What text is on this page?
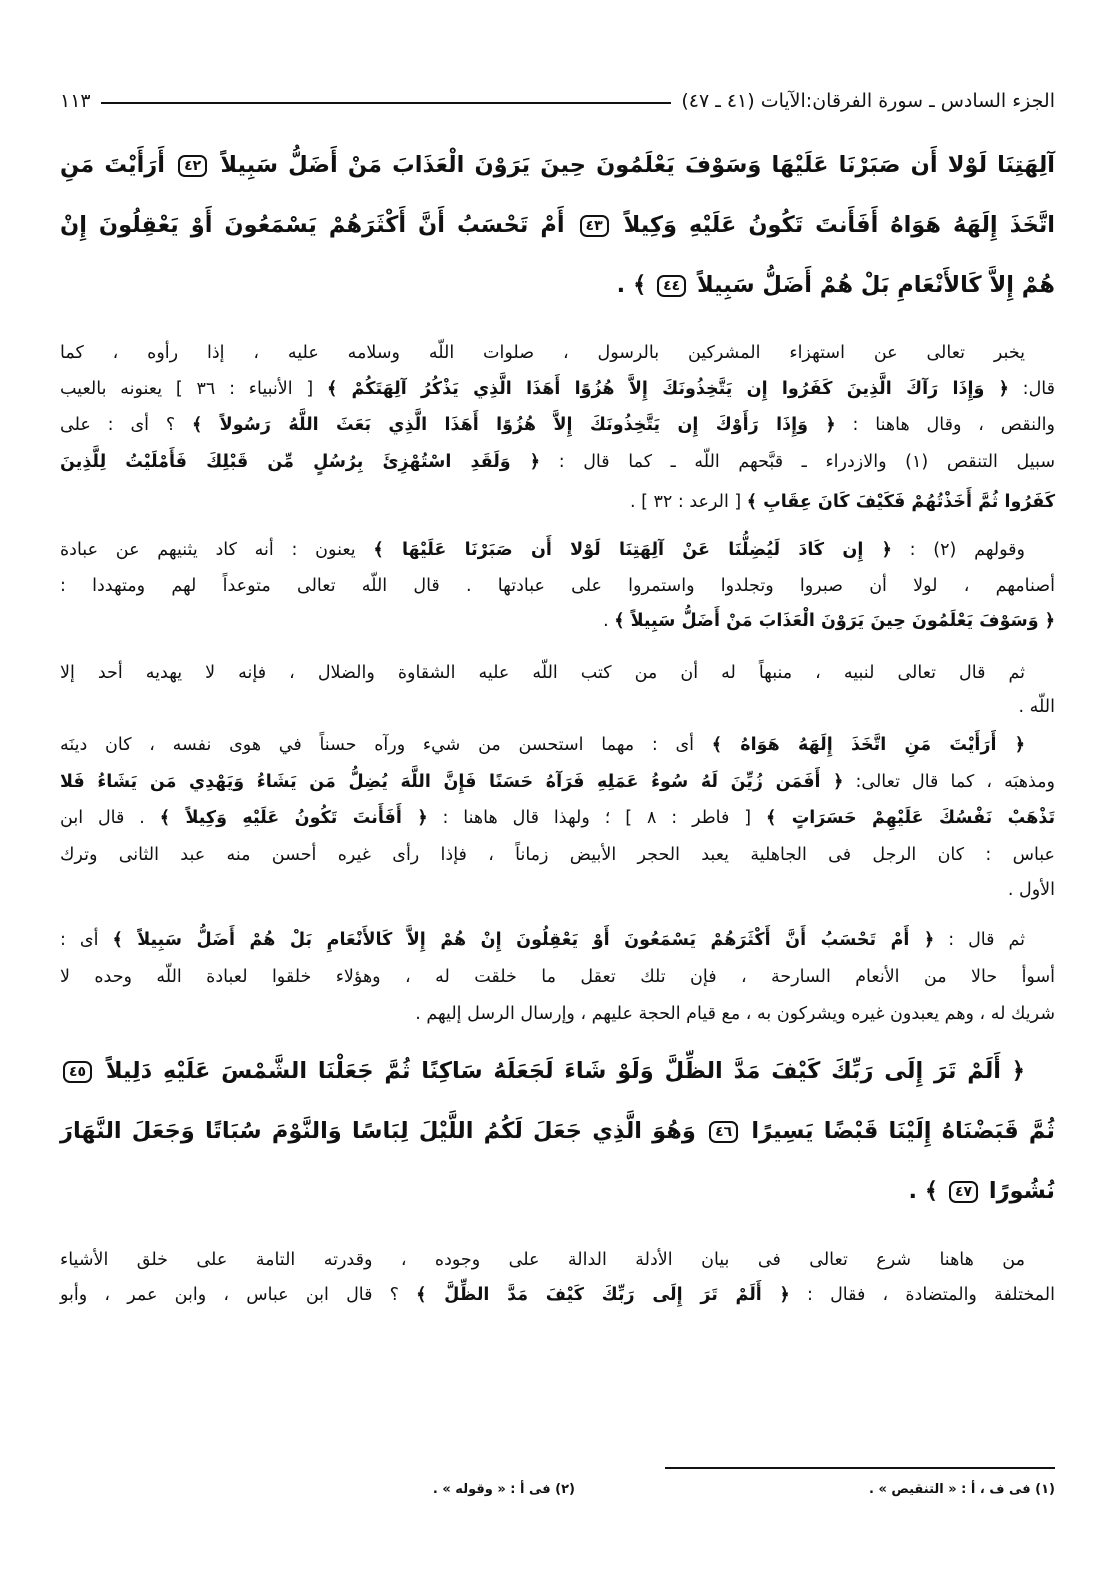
الجزء السادس ـ سورة الفرقان:الآيات (٤١ ـ ٤٧)
١١٣
آلِهَتِنَا لَوْلا أَن صَبَرْنَا عَلَيْهَا وَسَوْفَ يَعْلَمُونَ حِينَ يَرَوْنَ الْعَذَابَ مَنْ أَضَلُّ سَبِيلاً ٤٢ أَرَأَيْتَ مَنِ
اتَّخَذَ إِلَهَهُ هَوَاهُ أَفَأَنتَ تَكُونُ عَلَيْهِ وَكِيلاً ٤٣ أَمْ تَحْسَبُ أَنَّ أَكْثَرَهُمْ يَسْمَعُونَ أَوْ يَعْقِلُونَ إِنْ
هُمْ إِلاَّ كَالأَنْعَامِ بَلْ هُمْ أَضَلُّ سَبِيلاً ٤٤ ﴾ .
يخبر تعالى عن استهزاء المشركين بالرسول ، صلوات اللّه وسلامه عليه ، إذا رأوه ، كما
قال: ﴿ وَإِذَا رَآكَ الَّذِينَ كَفَرُوا إِن يَتَّخِذُونَكَ إِلاَّ هُزُوًا أَهَذَا الَّذِي يَذْكُرُ آلِهَتَكُمْ ﴾ [ الأنبياء : ٣٦ ] يعنونه بالعيب
والنقص ، وقال هاهنا : ﴿ وَإِذَا رَأَوْكَ إِن يَتَّخِذُونَكَ إِلاَّ هُزُوًا أَهَذَا الَّذِي بَعَثَ اللَّهُ رَسُولاً ﴾ ؟ أى : على
سبيل التنقص (١) والازدراء ـ قبَّحهم اللّه ـ كما قال : ﴿ وَلَقَدِ اسْتُهْزِئَ بِرُسُلٍ مِّن قَبْلِكَ فَأَمْلَيْتُ لِلَّذِينَ
كَفَرُوا ثُمَّ أَخَذْتُهُمْ فَكَيْفَ كَانَ عِقَابِ ﴾ [ الرعد : ٣٢ ] .
وقولهم (٢) : ﴿ إِن كَادَ لَيُضِلُّنَا عَنْ آلِهَتِنَا لَوْلا أَن صَبَرْنَا عَلَيْهَا ﴾ يعنون : أنه كاد يثنيهم عن عبادة
أصنامهم ، لولا أن صبروا وتجلدوا واستمروا على عبادتها . قال اللّه تعالى متوعداً لهم ومتهددا :
﴿ وَسَوْفَ يَعْلَمُونَ حِينَ يَرَوْنَ الْعَذَابَ مَنْ أَضَلُّ سَبِيلاً ﴾ .
ثم قال تعالى لنبيه ، منبهاً له أن من كتب اللّه عليه الشقاوة والضلال ، فإنه لا يهديه أحد إلا
اللّه .
﴿ أَرَأَيْتَ مَنِ اتَّخَذَ إِلَهَهُ هَوَاهُ ﴾ أى : مهما استحسن من شيء ورآه حسناً في هوى نفسه ، كان دينَه
ومذهبَه ، كما قال تعالى: ﴿ أَفَمَن زُيِّنَ لَهُ سُوءُ عَمَلِهِ فَرَآهُ حَسَنًا فَإِنَّ اللَّهَ يُضِلُّ مَن يَشَاءُ وَيَهْدِي مَن يَشَاءُ فَلا
تَذْهَبْ نَفْسُكَ عَلَيْهِمْ حَسَرَاتٍ ﴾ [ فاطر : ٨ ] ؛ ولهذا قال هاهنا : ﴿ أَفَأَنتَ تَكُونُ عَلَيْهِ وَكِيلاً ﴾ . قال ابن
عباس : كان الرجل فى الجاهلية يعبد الحجر الأبيض زماناً ، فإذا رأى غيره أحسن منه عبد الثانى وترك
الأول .
ثم قال : ﴿ أَمْ تَحْسَبُ أَنَّ أَكْثَرَهُمْ يَسْمَعُونَ أَوْ يَعْقِلُونَ إِنْ هُمْ إِلاَّ كَالأَنْعَامِ بَلْ هُمْ أَضَلُّ سَبِيلاً ﴾ أى :
أسوأ حالا من الأنعام السارحة ، فإن تلك تعقل ما خلقت له ، وهؤلاء خلقوا لعبادة اللّه وحده لا
شريك له ، وهم يعبدون غيره ويشركون به ، مع قيام الحجة عليهم ، وإرسال الرسل إليهم .
﴿ أَلَمْ تَرَ إِلَى رَبِّكَ كَيْفَ مَدَّ الظِّلَّ وَلَوْ شَاءَ لَجَعَلَهُ سَاكِنًا ثُمَّ جَعَلْنَا الشَّمْسَ عَلَيْهِ دَلِيلاً ٤٥
ثُمَّ قَبَضْنَاهُ إِلَيْنَا قَبْضًا يَسِيرًا ٤٦ وَهُوَ الَّذِي جَعَلَ لَكُمُ اللَّيْلَ لِبَاسًا وَالنَّوْمَ سُبَاتًا وَجَعَلَ النَّهَارَ
نُشُورًا ٤٧ ﴾ .
من هاهنا شرع تعالى فى بيان الأدلة الدالة على وجوده ، وقدرته التامة على خلق الأشياء
المختلفة والمتضادة ، فقال : ﴿ أَلَمْ تَرَ إِلَى رَبِّكَ كَيْفَ مَدَّ الظِّلَّ ﴾ ؟ قال ابن عباس ، وابن عمر ، وأبو
(١) فى ف ، أ : « التنقيص » .
(٢) فى أ : « وقوله » .
